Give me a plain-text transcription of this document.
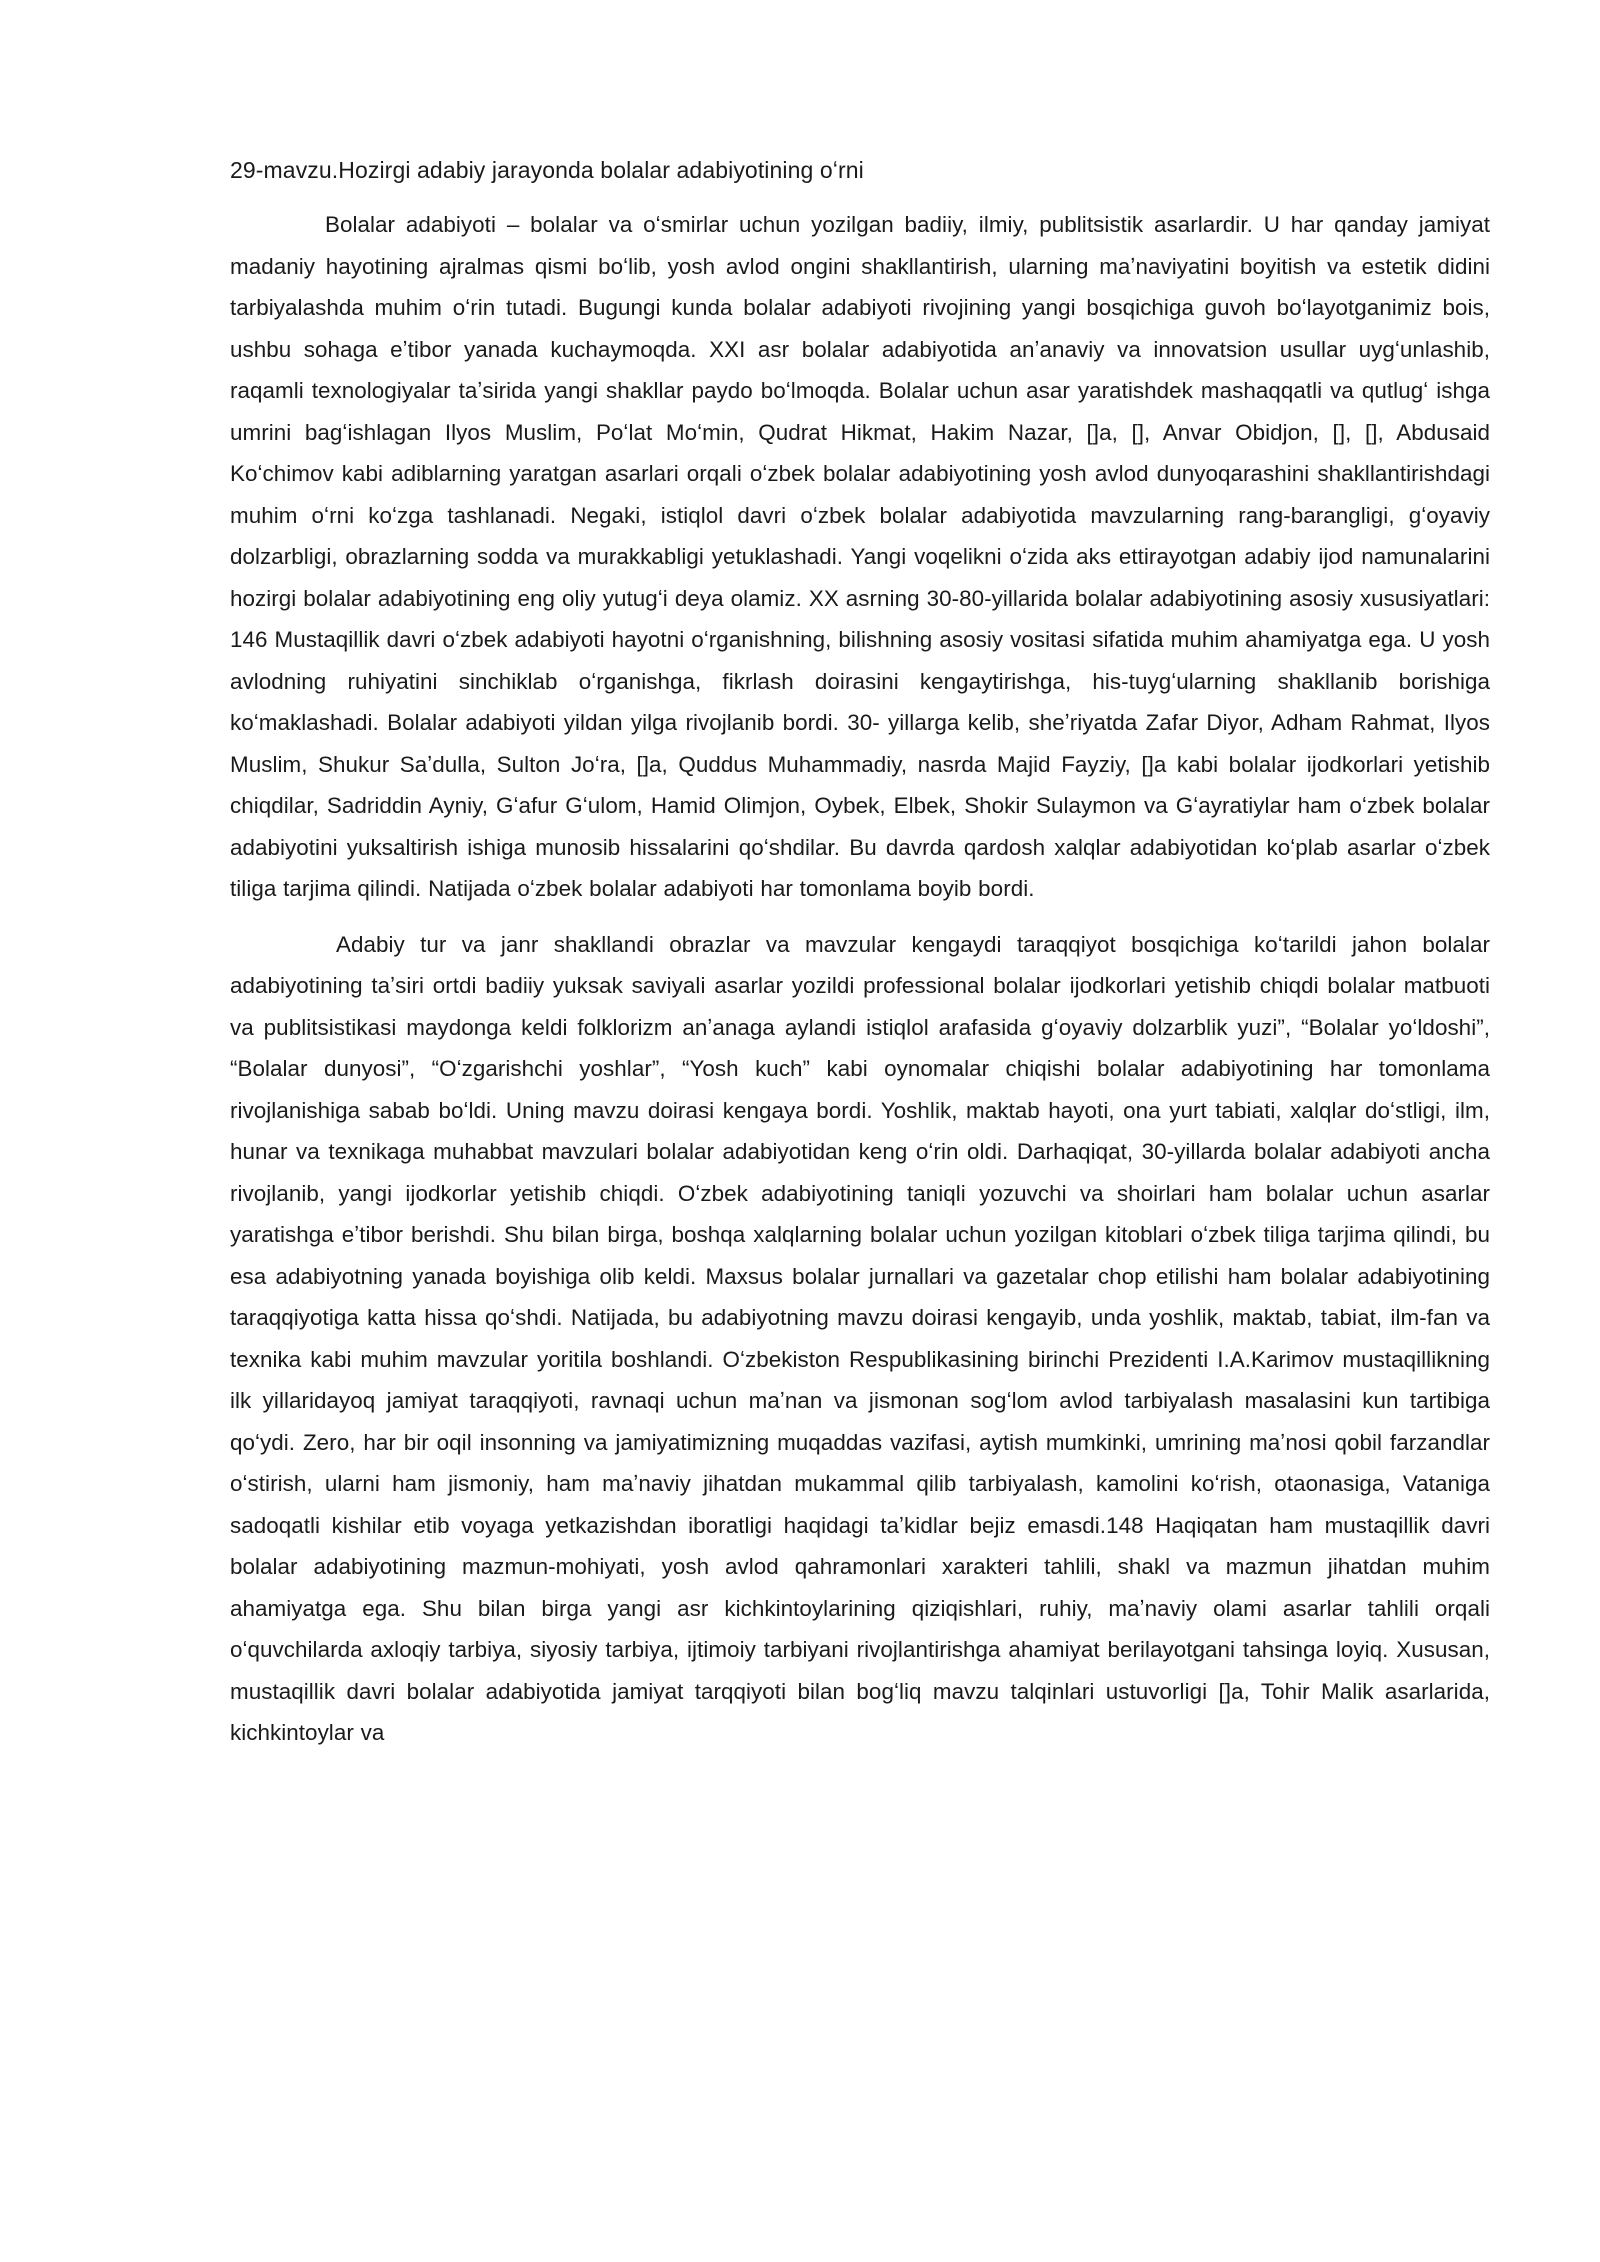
29-mavzu.Hozirgi adabiy jarayonda bolalar adabiyotining oʻrni

Bolalar adabiyoti – bolalar va oʻsmirlar uchun yozilgan badiiy, ilmiy, publitsistik asarlardir. U har qanday jamiyat madaniy hayotining ajralmas qismi boʻlib, yosh avlod ongini shakllantirish, ularning maʼnaviyatini boyitish va estetik didini tarbiyalashda muhim oʻrin tutadi. Bugungi kunda bolalar adabiyoti rivojining yangi bosqichiga guvoh boʻlayotganimiz bois, ushbu sohaga eʼtibor yanada kuchaymoqda. XXI asr bolalar adabiyotida anʼanaviy va innovatsion usullar uygʻunlashib, raqamli texnologiyalar taʼsirida yangi shakllar paydo boʻlmoqda. Bolalar uchun asar yaratishdek mashaqqatli va qutlugʻ ishga umrini bagʻishlagan Ilyos Muslim, Poʻlat Moʻmin, Qudrat Hikmat, Hakim Nazar, []a, [], Anvar Obidjon, [], [], Abdusaid Koʻchimov kabi adiblarning yaratgan asarlari orqali oʻzbek bolalar adabiyotining yosh avlod dunyoqarashini shakllantirishdagi muhim oʻrni koʻzga tashlanadi. Negaki, istiqlol davri oʻzbek bolalar adabiyotida mavzularning rang-barangligi, gʻoyaviy dolzarbligi, obrazlarning sodda va murakkabligi yetuklashadi. Yangi voqelikni oʻzida aks ettirayotgan adabiy ijod namunalarini hozirgi bolalar adabiyotining eng oliy yutugʻi deya olamiz. XX asrning 30-80-yillarida bolalar adabiyotining asosiy xususiyatlari: 146 Mustaqillik davri oʻzbek adabiyoti hayotni oʻrganishning, bilishning asosiy vositasi sifatida muhim ahamiyatga ega. U yosh avlodning ruhiyatini sinchiklab oʻrganishga, fikrlash doirasini kengaytirishga, his-tuygʻularning shakllanib borishiga koʻmaklashadi. Bolalar adabiyoti yildan yilga rivojlanib bordi. 30- yillarga kelib, sheʼriyatda Zafar Diyor, Adham Rahmat, Ilyos Muslim, Shukur Saʼdulla, Sulton Joʻra, []a, Quddus Muhammadiy, nasrda Majid Fayziy, []a kabi bolalar ijodkorlari yetishib chiqdilar, Sadriddin Ayniy, Gʻafur Gʻulom, Hamid Olimjon, Oybek, Elbek, Shokir Sulaymon va Gʻayratiylar ham oʻzbek bolalar adabiyotini yuksaltirish ishiga munosib hissalarini qoʻshdilar. Bu davrda qardosh xalqlar adabiyotidan koʻplab asarlar oʻzbek tiliga tarjima qilindi. Natijada oʻzbek bolalar adabiyoti har tomonlama boyib bordi.

Adabiy tur va janr shakllandi obrazlar va mavzular kengaydi taraqqiyot bosqichiga koʻtarildi jahon bolalar adabiyotining taʼsiri ortdi badiiy yuksak saviyali asarlar yozildi professional bolalar ijodkorlari yetishib chiqdi bolalar matbuoti va publitsistikasi maydonga keldi folklorizm anʼanaga aylandi istiqlol arafasida gʻoyaviy dolzarblik yuzi”, “Bolalar yoʻldoshi”, “Bolalar dunyosi”, “Oʻzgarishchi yoshlar”, “Yosh kuch” kabi oynomalar chiqishi bolalar adabiyotining har tomonlama rivojlanishiga sabab boʻldi. Uning mavzu doirasi kengaya bordi. Yoshlik, maktab hayoti, ona yurt tabiati, xalqlar doʻstligi, ilm, hunar va texnikaga muhabbat mavzulari bolalar adabiyotidan keng oʻrin oldi. Darhaqiqat, 30-yillarda bolalar adabiyoti ancha rivojlanib, yangi ijodkorlar yetishib chiqdi. Oʻzbek adabiyotining taniqli yozuvchi va shoirlari ham bolalar uchun asarlar yaratishga eʼtibor berishdi. Shu bilan birga, boshqa xalqlarning bolalar uchun yozilgan kitoblari oʻzbek tiliga tarjima qilindi, bu esa adabiyotning yanada boyishiga olib keldi. Maxsus bolalar jurnallari va gazetalar chop etilishi ham bolalar adabiyotining taraqqiyotiga katta hissa qoʻshdi. Natijada, bu adabiyotning mavzu doirasi kengayib, unda yoshlik, maktab, tabiat, ilm-fan va texnika kabi muhim mavzular yoritila boshlandi. Oʻzbekiston Respublikasining birinchi Prezidenti I.A.Karimov mustaqillikning ilk yillaridayoq jamiyat taraqqiyoti, ravnaqi uchun maʼnan va jismonan sogʻlom avlod tarbiyalash masalasini kun tartibiga qoʻydi. Zero, har bir oqil insonning va jamiyatimizning muqaddas vazifasi, aytish mumkinki, umrining maʼnosi qobil farzandlar oʻstirish, ularni ham jismoniy, ham maʼnaviy jihatdan mukammal qilib tarbiyalash, kamolini koʻrish, otaonasiga, Vataniga sadoqatli kishilar etib voyaga yetkazishdan iboratligi haqidagi taʼkidlar bejiz emasdi.148 Haqiqatan ham mustaqillik davri bolalar adabiyotining mazmun-mohiyati, yosh avlod qahramonlari xarakteri tahlili, shakl va mazmun jihatdan muhim ahamiyatga ega. Shu bilan birga yangi asr kichkintoylarining qiziqishlari, ruhiy, maʼnaviy olami asarlar tahlili orqali oʻquvchilarda axloqiy tarbiya, siyosiy tarbiya, ijtimoiy tarbiyani rivojlantirishga ahamiyat berilayotgani tahsinga loyiq. Xususan, mustaqillik davri bolalar adabiyotida jamiyat tarqqiyoti bilan bogʻliq mavzu talqinlari ustuvorligi []a, Tohir Malik asarlarida, kichkintoylar va
